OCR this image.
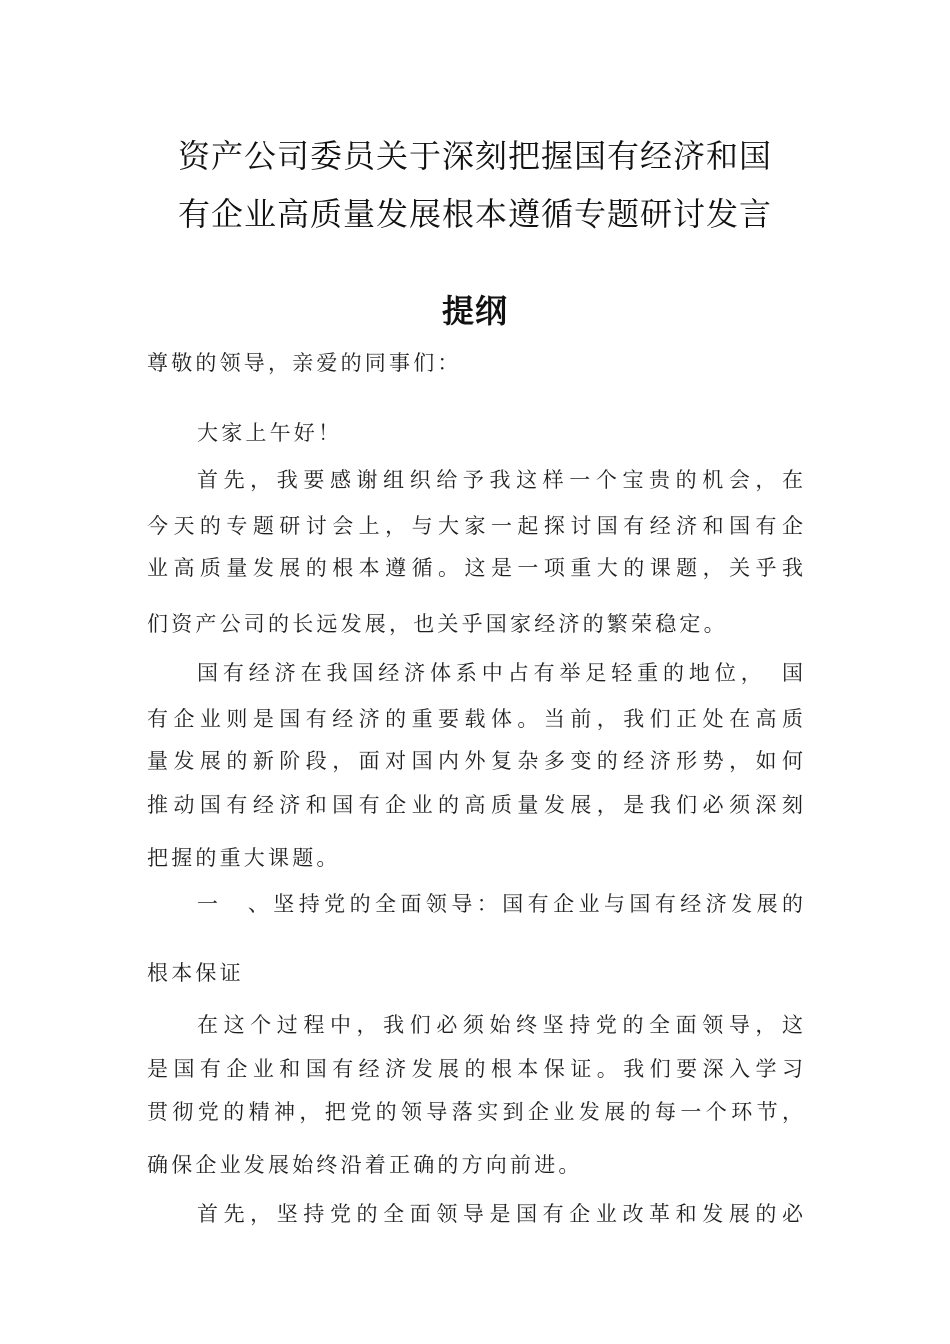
资产公司委员关于深刻把握国有经济和国
有企业高质量发展根本遵循专题研讨发言
提纲

尊敬的领导，亲爱的同事们：

大家上午好！

首先，我要感谢组织给予我这样一个宝贵的机会，在

今天的专题研讨会上，与大家一起探讨国有经济和国有企

业高质量发展的根本遵循。这是一项重大的课题，关乎我

们资产公司的长远发展，也关乎国家经济的繁荣稳定。

国有经济在我国经济体系中占有举足轻重的地位，　国

有企业则是国有经济的重要载体。当前，我们正处在高质

量发展的新阶段，面对国内外复杂多变的经济形势，如何

推动国有经济和国有企业的高质量发展，是我们必须深刻

把握的重大课题。

一　、坚持党的全面领导：国有企业与国有经济发展的

根本保证

在这个过程中，我们必须始终坚持党的全面领导，这

是国有企业和国有经济发展的根本保证。我们要深入学习

贯彻党的精神，把党的领导落实到企业发展的每一个环节，

确保企业发展始终沿着正确的方向前进。

首先，坚持党的全面领导是国有企业改革和发展的必
